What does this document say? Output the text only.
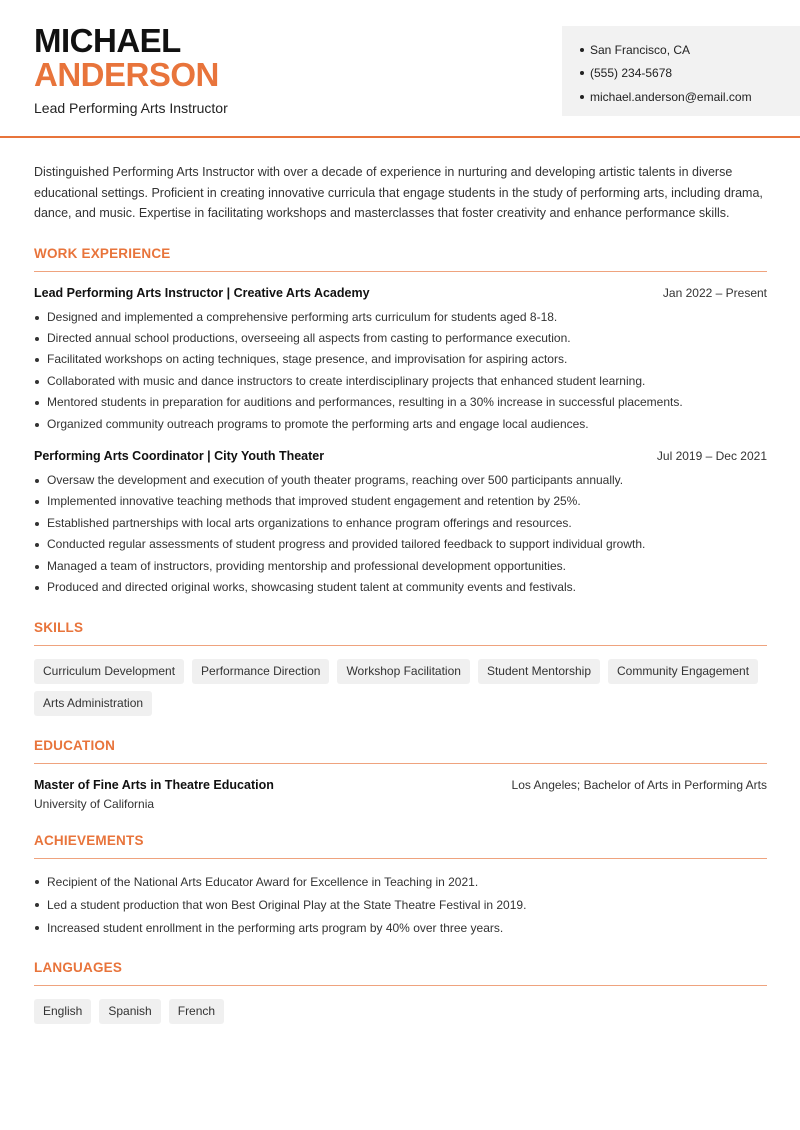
MICHAEL
ANDERSON
Lead Performing Arts Instructor
San Francisco, CA
(555) 234-5678
michael.anderson@email.com

Distinguished Performing Arts Instructor with over a decade of experience in nurturing and developing artistic talents in diverse educational settings. Proficient in creating innovative curricula that engage students in the study of performing arts, including drama, dance, and music. Expertise in facilitating workshops and masterclasses that foster creativity and enhance performance skills.

WORK EXPERIENCE
Lead Performing Arts Instructor | Creative Arts Academy	Jan 2022 – Present
Designed and implemented a comprehensive performing arts curriculum for students aged 8-18.
Directed annual school productions, overseeing all aspects from casting to performance execution.
Facilitated workshops on acting techniques, stage presence, and improvisation for aspiring actors.
Collaborated with music and dance instructors to create interdisciplinary projects that enhanced student learning.
Mentored students in preparation for auditions and performances, resulting in a 30% increase in successful placements.
Organized community outreach programs to promote the performing arts and engage local audiences.
Performing Arts Coordinator | City Youth Theater	Jul 2019 – Dec 2021
Oversaw the development and execution of youth theater programs, reaching over 500 participants annually.
Implemented innovative teaching methods that improved student engagement and retention by 25%.
Established partnerships with local arts organizations to enhance program offerings and resources.
Conducted regular assessments of student progress and provided tailored feedback to support individual growth.
Managed a team of instructors, providing mentorship and professional development opportunities.
Produced and directed original works, showcasing student talent at community events and festivals.
SKILLS
Curriculum Development	Performance Direction	Workshop Facilitation	Student Mentorship	Community Engagement
Arts Administration
EDUCATION
Master of Fine Arts in Theatre Education	Los Angeles; Bachelor of Arts in Performing Arts
University of California
ACHIEVEMENTS
Recipient of the National Arts Educator Award for Excellence in Teaching in 2021.
Led a student production that won Best Original Play at the State Theatre Festival in 2019.
Increased student enrollment in the performing arts program by 40% over three years.
LANGUAGES
English	Spanish	French
